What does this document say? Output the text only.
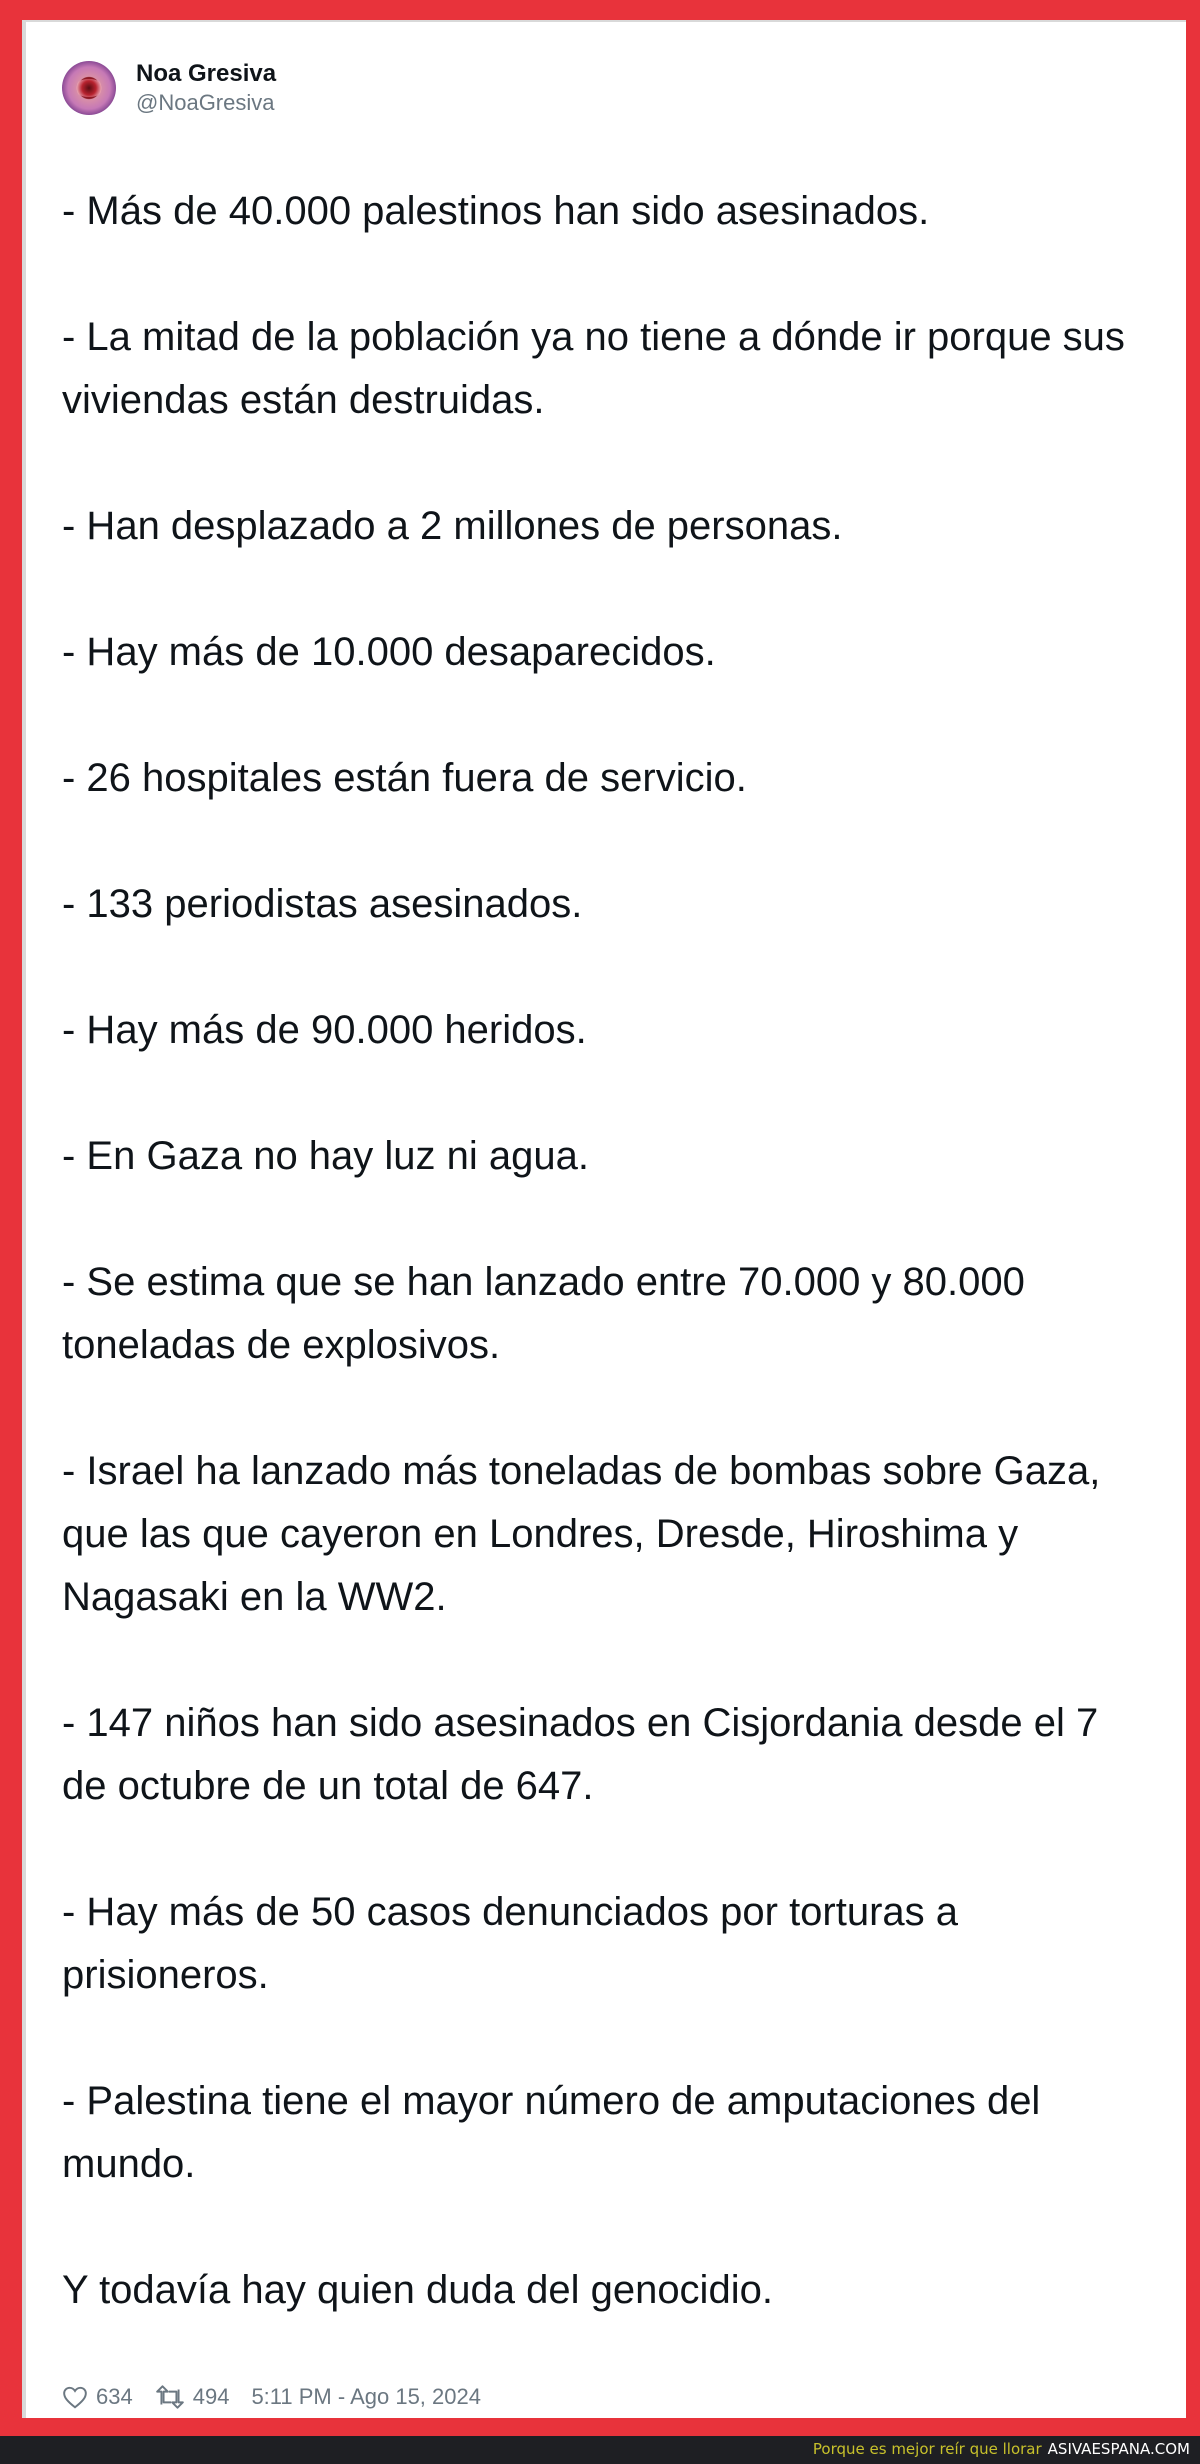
Noa Gresiva
@NoaGresiva

- Más de 40.000 palestinos han sido asesinados.

- La mitad de la población ya no tiene a dónde ir porque sus viviendas están destruidas.

- Han desplazado a 2 millones de personas.

- Hay más de 10.000 desaparecidos.

- 26 hospitales están fuera de servicio.

- 133 periodistas asesinados.

- Hay más de 90.000 heridos.

- En Gaza no hay luz ni agua.

- Se estima que se han lanzado entre 70.000 y 80.000 toneladas de explosivos.

- Israel ha lanzado más toneladas de bombas sobre Gaza, que las que cayeron en Londres, Dresde, Hiroshima y Nagasaki en la WW2.

- 147 niños han sido asesinados en Cisjordania desde el 7 de octubre de un total de 647.

- Hay más de 50 casos denunciados por torturas a prisioneros.

- Palestina tiene el mayor número de amputaciones del mundo.

Y todavía hay quien duda del genocidio.

634	494 5:11 PM - Ago 15, 2024
Porque es mejor reír que llorar ASIVAESPANA.COM
